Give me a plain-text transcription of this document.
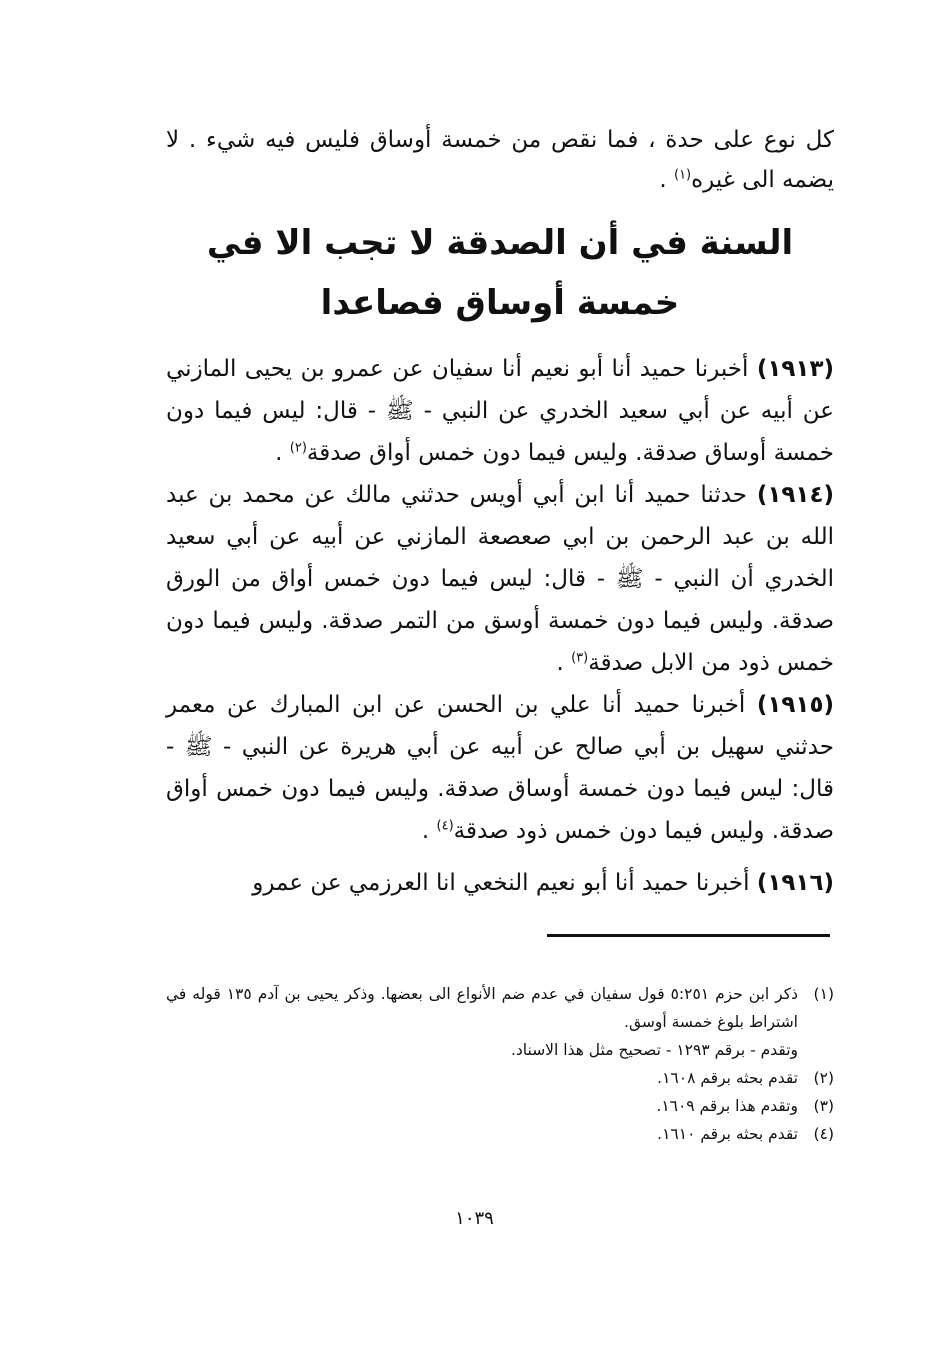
كل نوع على حدة ، فما نقص من خمسة أوساق فليس فيه شيء . لا يضمه الى غيره$^{(١)}$ .

السنة في أن الصدقة لا تجب الا في
خمسة أوساق فصاعدا

(١٩١٣) أخبرنا حميد أنا أبو نعيم أنا سفيان عن عمرو بن يحيى المازني عن أبيه عن أبي سعيد الخدري عن النبي - ﷺ - قال: ليس فيما دون خمسة أوساق صدقة. وليس فيما دون خمس أواق صدقة$^{(٢)}$ .

(١٩١٤) حدثنا حميد أنا ابن أبي أويس حدثني مالك عن محمد بن عبد الله بن عبد الرحمن بن ابي صعصعة المازني عن أبيه عن أبي سعيد الخدري أن النبي - ﷺ - قال: ليس فيما دون خمس أواق من الورق صدقة. وليس فيما دون خمسة أوسق من التمر صدقة. وليس فيما دون خمس ذود من الابل صدقة$^{(٣)}$ .

(١٩١٥) أخبرنا حميد أنا علي بن الحسن عن ابن المبارك عن معمر حدثني سهيل بن أبي صالح عن أبيه عن أبي هريرة عن النبي - ﷺ - قال: ليس فيما دون خمسة أوساق صدقة. وليس فيما دون خمس أواق صدقة. وليس فيما دون خمس ذود صدقة$^{(٤)}$ .

(١٩١٦) أخبرنا حميد أنا أبو نعيم النخعي انا العرزمي عن عمرو

(١)
ذكر ابن حزم ٥:٢٥١ قول سفيان في عدم ضم الأنواع الى بعضها. وذكر يحيى بن آدم ١٣٥ قوله في اشتراط بلوغ خمسة أوسق.
وتقدم - برقم ١٢٩٣ - تصحيح مثل هذا الاسناد.
(٢)
تقدم بحثه برقم ١٦٠٨.
(٣)
وتقدم هذا برقم ١٦٠٩.
(٤)
تقدم بحثه برقم ١٦١٠.
١٠٣٩
